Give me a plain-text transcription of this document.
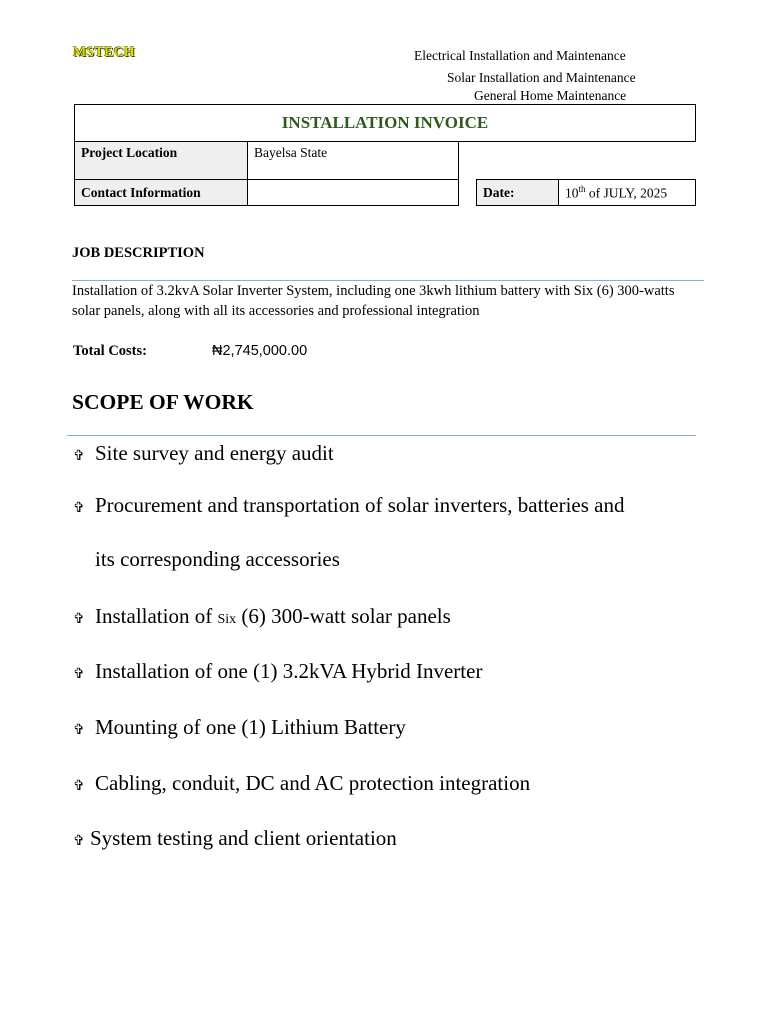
MSTECH	Electrical Installation and Maintenance
Solar Installation and Maintenance
General Home Maintenance
INSTALLATION INVOICE
Project Location	Bayelsa State
Contact Information		Date:	10th of JULY, 2025
JOB DESCRIPTION
Installation of 3.2kvA Solar Inverter System, including one 3kwh lithium battery with Six (6) 300-watts solar panels, along with all its accessories and professional integration
Total Costs:	₦2,745,000.00
SCOPE OF WORK
✞ Site survey and energy audit
✞ Procurement and transportation of solar inverters, batteries and
its corresponding accessories
✞ Installation of Six (6) 300-watt solar panels
✞ Installation of one (1) 3.2kVA Hybrid Inverter
✞ Mounting of one (1) Lithium Battery
✞ Cabling, conduit, DC and AC protection integration
✞ System testing and client orientation
